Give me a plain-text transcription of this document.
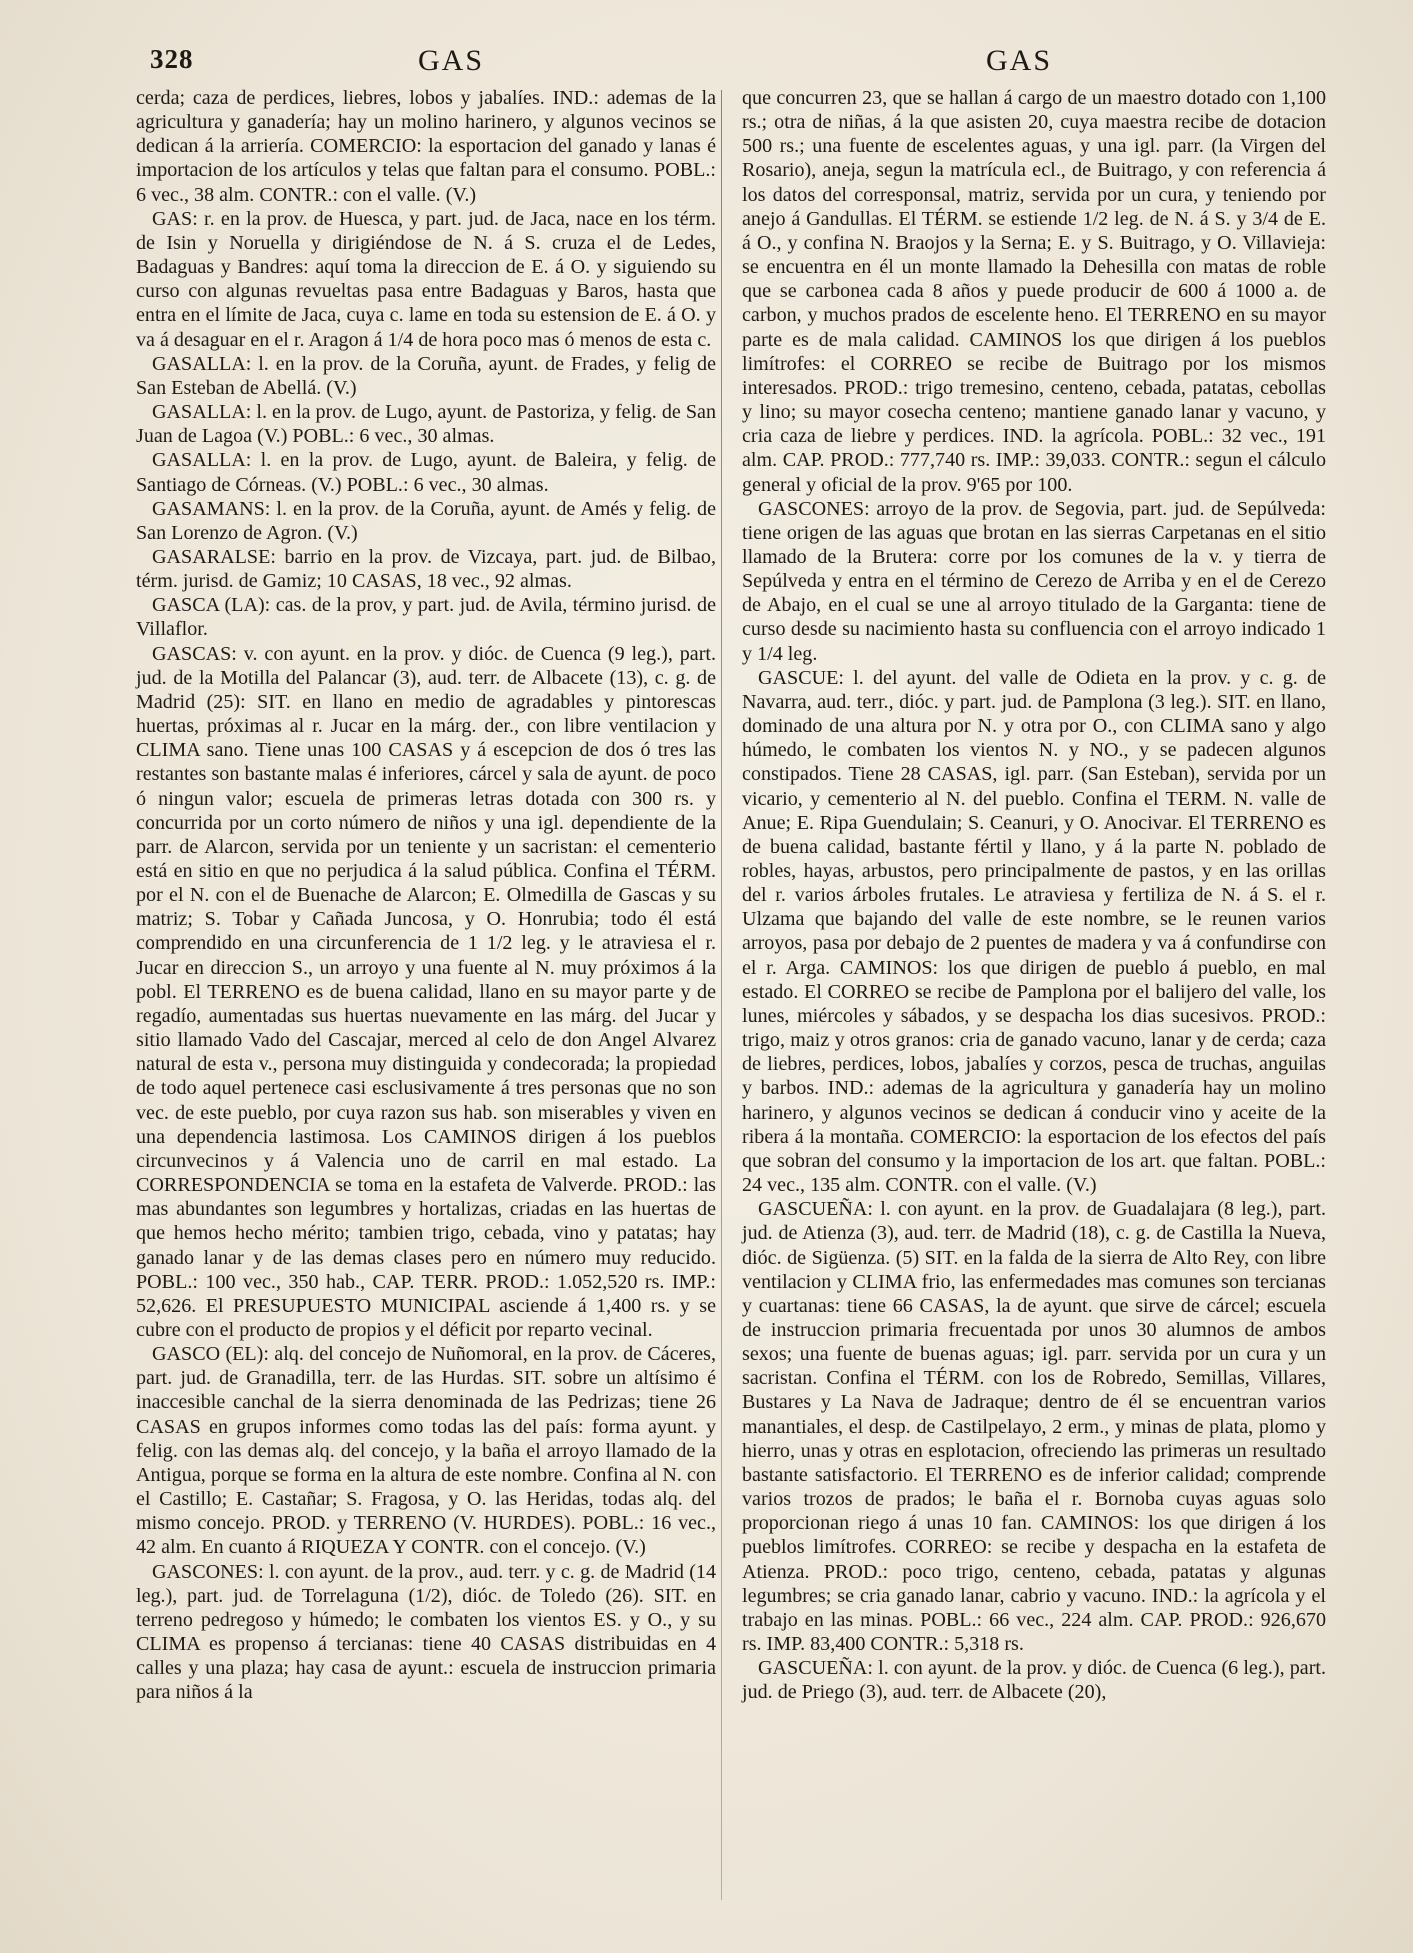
328	GAS	GAS

cerda; caza de perdices, liebres, lobos y jabalíes. IND.: ademas de la agricultura y ganadería; hay un molino harinero, y algunos vecinos se dedican á la arriería. COMERCIO: la esportacion del ganado y lanas é importacion de los artículos y telas que faltan para el consumo. POBL.: 6 vec., 38 alm. CONTR.: con el valle. (V.)

GAS: r. en la prov. de Huesca, y part. jud. de Jaca, nace en los térm. de Isin y Noruella y dirigiéndose de N. á S. cruza el de Ledes, Badaguas y Bandres: aquí toma la direccion de E. á O. y siguiendo su curso con algunas revueltas pasa entre Badaguas y Baros, hasta que entra en el límite de Jaca, cuya c. lame en toda su estension de E. á O. y va á desaguar en el r. Aragon á 1/4 de hora poco mas ó menos de esta c.

GASALLA: l. en la prov. de la Coruña, ayunt. de Frades, y felig de San Esteban de Abellá. (V.)

GASALLA: l. en la prov. de Lugo, ayunt. de Pastoriza, y felig. de San Juan de Lagoa (V.) POBL.: 6 vec., 30 almas.

GASALLA: l. en la prov. de Lugo, ayunt. de Baleira, y felig. de Santiago de Córneas. (V.) POBL.: 6 vec., 30 almas.

GASAMANS: l. en la prov. de la Coruña, ayunt. de Amés y felig. de San Lorenzo de Agron. (V.)

GASARALSE: barrio en la prov. de Vizcaya, part. jud. de Bilbao, térm. jurisd. de Gamiz; 10 CASAS, 18 vec., 92 almas.

GASCA (LA): cas. de la prov, y part. jud. de Avila, término jurisd. de Villaflor.

GASCAS: v. con ayunt. en la prov. y dióc. de Cuenca (9 leg.), part. jud. de la Motilla del Palancar (3), aud. terr. de Albacete (13), c. g. de Madrid (25): SIT. en llano en medio de agradables y pintorescas huertas, próximas al r. Jucar en la márg. der., con libre ventilacion y CLIMA sano. Tiene unas 100 CASAS y á escepcion de dos ó tres las restantes son bastante malas é inferiores, cárcel y sala de ayunt. de poco ó ningun valor; escuela de primeras letras dotada con 300 rs. y concurrida por un corto número de niños y una igl. dependiente de la parr. de Alarcon, servida por un teniente y un sacristan: el cementerio está en sitio en que no perjudica á la salud pública. Confina el TÉRM. por el N. con el de Buenache de Alarcon; E. Olmedilla de Gascas y su matriz; S. Tobar y Cañada Juncosa, y O. Honrubia; todo él está comprendido en una circunferencia de 1 1/2 leg. y le atraviesa el r. Jucar en direccion S., un arroyo y una fuente al N. muy próximos á la pobl. El TERRENO es de buena calidad, llano en su mayor parte y de regadío, aumentadas sus huertas nuevamente en las márg. del Jucar y sitio llamado Vado del Cascajar, merced al celo de don Angel Alvarez natural de esta v., persona muy distinguida y condecorada; la propiedad de todo aquel pertenece casi esclusivamente á tres personas que no son vec. de este pueblo, por cuya razon sus hab. son miserables y viven en una dependencia lastimosa. Los CAMINOS dirigen á los pueblos circunvecinos y á Valencia uno de carril en mal estado. La CORRESPONDENCIA se toma en la estafeta de Valverde. PROD.: las mas abundantes son legumbres y hortalizas, criadas en las huertas de que hemos hecho mérito; tambien trigo, cebada, vino y patatas; hay ganado lanar y de las demas clases pero en número muy reducido. POBL.: 100 vec., 350 hab., CAP. TERR. PROD.: 1.052,520 rs. IMP.: 52,626. El PRESUPUESTO MUNICIPAL asciende á 1,400 rs. y se cubre con el producto de propios y el déficit por reparto vecinal.

GASCO (EL): alq. del concejo de Nuñomoral, en la prov. de Cáceres, part. jud. de Granadilla, terr. de las Hurdas. SIT. sobre un altísimo é inaccesible canchal de la sierra denominada de las Pedrizas; tiene 26 CASAS en grupos informes como todas las del país: forma ayunt. y felig. con las demas alq. del concejo, y la baña el arroyo llamado de la Antigua, porque se forma en la altura de este nombre. Confina al N. con el Castillo; E. Castañar; S. Fragosa, y O. las Heridas, todas alq. del mismo concejo. PROD. y TERRENO (V. HURDES). POBL.: 16 vec., 42 alm. En cuanto á RIQUEZA Y CONTR. con el concejo. (V.)

GASCONES: l. con ayunt. de la prov., aud. terr. y c. g. de Madrid (14 leg.), part. jud. de Torrelaguna (1/2), dióc. de Toledo (26). SIT. en terreno pedregoso y húmedo; le combaten los vientos ES. y O., y su CLIMA es propenso á tercianas: tiene 40 CASAS distribuidas en 4 calles y una plaza; hay casa de ayunt.: escuela de instruccion primaria para niños á la

que concurren 23, que se hallan á cargo de un maestro dotado con 1,100 rs.; otra de niñas, á la que asisten 20, cuya maestra recibe de dotacion 500 rs.; una fuente de escelentes aguas, y una igl. parr. (la Virgen del Rosario), aneja, segun la matrícula ecl., de Buitrago, y con referencia á los datos del corresponsal, matriz, servida por un cura, y teniendo por anejo á Gandullas. El TÉRM. se estiende 1/2 leg. de N. á S. y 3/4 de E. á O., y confina N. Braojos y la Serna; E. y S. Buitrago, y O. Villavieja: se encuentra en él un monte llamado la Dehesilla con matas de roble que se carbonea cada 8 años y puede producir de 600 á 1000 a. de carbon, y muchos prados de escelente heno. El TERRENO en su mayor parte es de mala calidad. CAMINOS los que dirigen á los pueblos limítrofes: el CORREO se recibe de Buitrago por los mismos interesados. PROD.: trigo tremesino, centeno, cebada, patatas, cebollas y lino; su mayor cosecha centeno; mantiene ganado lanar y vacuno, y cria caza de liebre y perdices. IND. la agrícola. POBL.: 32 vec., 191 alm. CAP. PROD.: 777,740 rs. IMP.: 39,033. CONTR.: segun el cálculo general y oficial de la prov. 9'65 por 100.

GASCONES: arroyo de la prov. de Segovia, part. jud. de Sepúlveda: tiene origen de las aguas que brotan en las sierras Carpetanas en el sitio llamado de la Brutera: corre por los comunes de la v. y tierra de Sepúlveda y entra en el término de Cerezo de Arriba y en el de Cerezo de Abajo, en el cual se une al arroyo titulado de la Garganta: tiene de curso desde su nacimiento hasta su confluencia con el arroyo indicado 1 y 1/4 leg.

GASCUE: l. del ayunt. del valle de Odieta en la prov. y c. g. de Navarra, aud. terr., dióc. y part. jud. de Pamplona (3 leg.). SIT. en llano, dominado de una altura por N. y otra por O., con CLIMA sano y algo húmedo, le combaten los vientos N. y NO., y se padecen algunos constipados. Tiene 28 CASAS, igl. parr. (San Esteban), servida por un vicario, y cementerio al N. del pueblo. Confina el TERM. N. valle de Anue; E. Ripa Guendulain; S. Ceanuri, y O. Anocivar. El TERRENO es de buena calidad, bastante fértil y llano, y á la parte N. poblado de robles, hayas, arbustos, pero principalmente de pastos, y en las orillas del r. varios árboles frutales. Le atraviesa y fertiliza de N. á S. el r. Ulzama que bajando del valle de este nombre, se le reunen varios arroyos, pasa por debajo de 2 puentes de madera y va á confundirse con el r. Arga. CAMINOS: los que dirigen de pueblo á pueblo, en mal estado. El CORREO se recibe de Pamplona por el balijero del valle, los lunes, miércoles y sábados, y se despacha los dias sucesivos. PROD.: trigo, maiz y otros granos: cria de ganado vacuno, lanar y de cerda; caza de liebres, perdices, lobos, jabalíes y corzos, pesca de truchas, anguilas y barbos. IND.: ademas de la agricultura y ganadería hay un molino harinero, y algunos vecinos se dedican á conducir vino y aceite de la ribera á la montaña. COMERCIO: la esportacion de los efectos del país que sobran del consumo y la importacion de los art. que faltan. POBL.: 24 vec., 135 alm. CONTR. con el valle. (V.)

GASCUEÑA: l. con ayunt. en la prov. de Guadalajara (8 leg.), part. jud. de Atienza (3), aud. terr. de Madrid (18), c. g. de Castilla la Nueva, dióc. de Sigüenza. (5) SIT. en la falda de la sierra de Alto Rey, con libre ventilacion y CLIMA frio, las enfermedades mas comunes son tercianas y cuartanas: tiene 66 CASAS, la de ayunt. que sirve de cárcel; escuela de instruccion primaria frecuentada por unos 30 alumnos de ambos sexos; una fuente de buenas aguas; igl. parr. servida por un cura y un sacristan. Confina el TÉRM. con los de Robredo, Semillas, Villares, Bustares y La Nava de Jadraque; dentro de él se encuentran varios manantiales, el desp. de Castilpelayo, 2 erm., y minas de plata, plomo y hierro, unas y otras en esplotacion, ofreciendo las primeras un resultado bastante satisfactorio. El TERRENO es de inferior calidad; comprende varios trozos de prados; le baña el r. Bornoba cuyas aguas solo proporcionan riego á unas 10 fan. CAMINOS: los que dirigen á los pueblos limítrofes. CORREO: se recibe y despacha en la estafeta de Atienza. PROD.: poco trigo, centeno, cebada, patatas y algunas legumbres; se cria ganado lanar, cabrio y vacuno. IND.: la agrícola y el trabajo en las minas. POBL.: 66 vec., 224 alm. CAP. PROD.: 926,670 rs. IMP. 83,400 CONTR.: 5,318 rs.

GASCUEÑA: l. con ayunt. de la prov. y dióc. de Cuenca (6 leg.), part. jud. de Priego (3), aud. terr. de Albacete (20),
